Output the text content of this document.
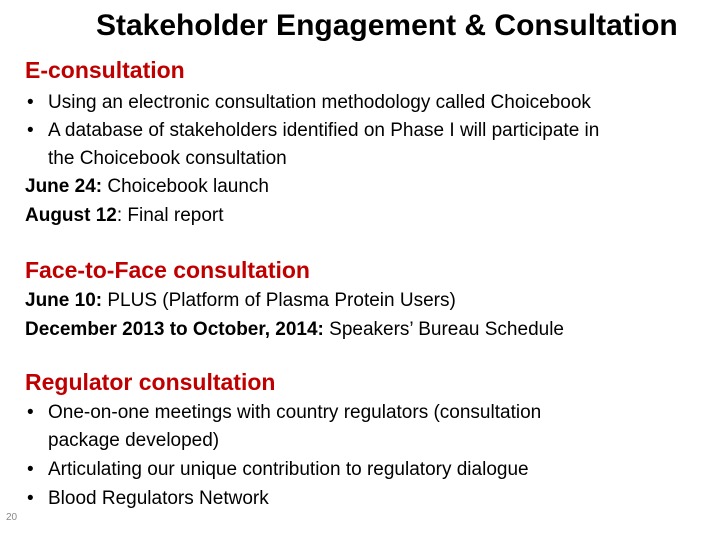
Stakeholder Engagement & Consultation
E-consultation
• Using an electronic consultation methodology called Choicebook
• A database of stakeholders identified on Phase I will participate in
the Choicebook consultation
June 24: Choicebook launch
August 12: Final report
Face-to-Face consultation
June 10: PLUS (Platform of Plasma Protein Users)
December 2013 to October, 2014: Speakers’ Bureau Schedule
Regulator consultation
• One-on-one meetings with country regulators (consultation
package developed)
• Articulating our unique contribution to regulatory dialogue
• Blood Regulators Network
20
